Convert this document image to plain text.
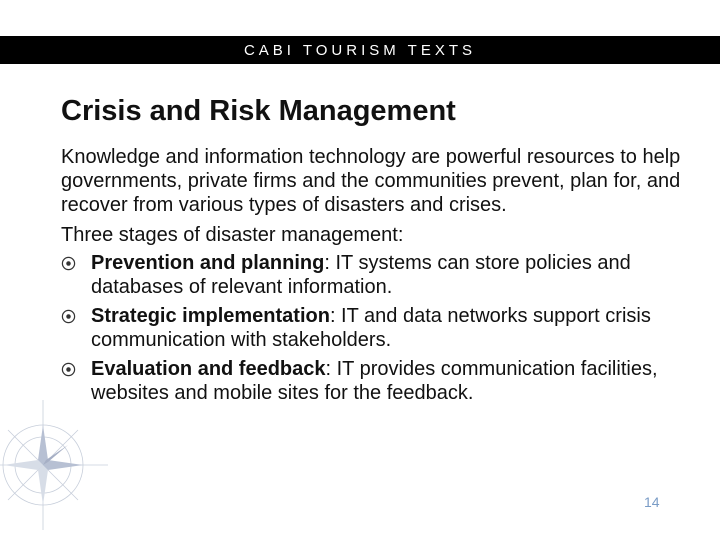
CABI TOURISM TEXTS
Crisis and Risk Management

Knowledge and information technology are powerful resources to help governments, private firms and the communities prevent, plan for, and recover from various types of disasters and crises.

Three stages of disaster management:

Prevention and planning: IT systems can store policies and databases of relevant information.
Strategic implementation: IT and data networks support crisis communication with stakeholders.
Evaluation and feedback: IT provides communication facilities, websites and mobile sites for the feedback.
14
